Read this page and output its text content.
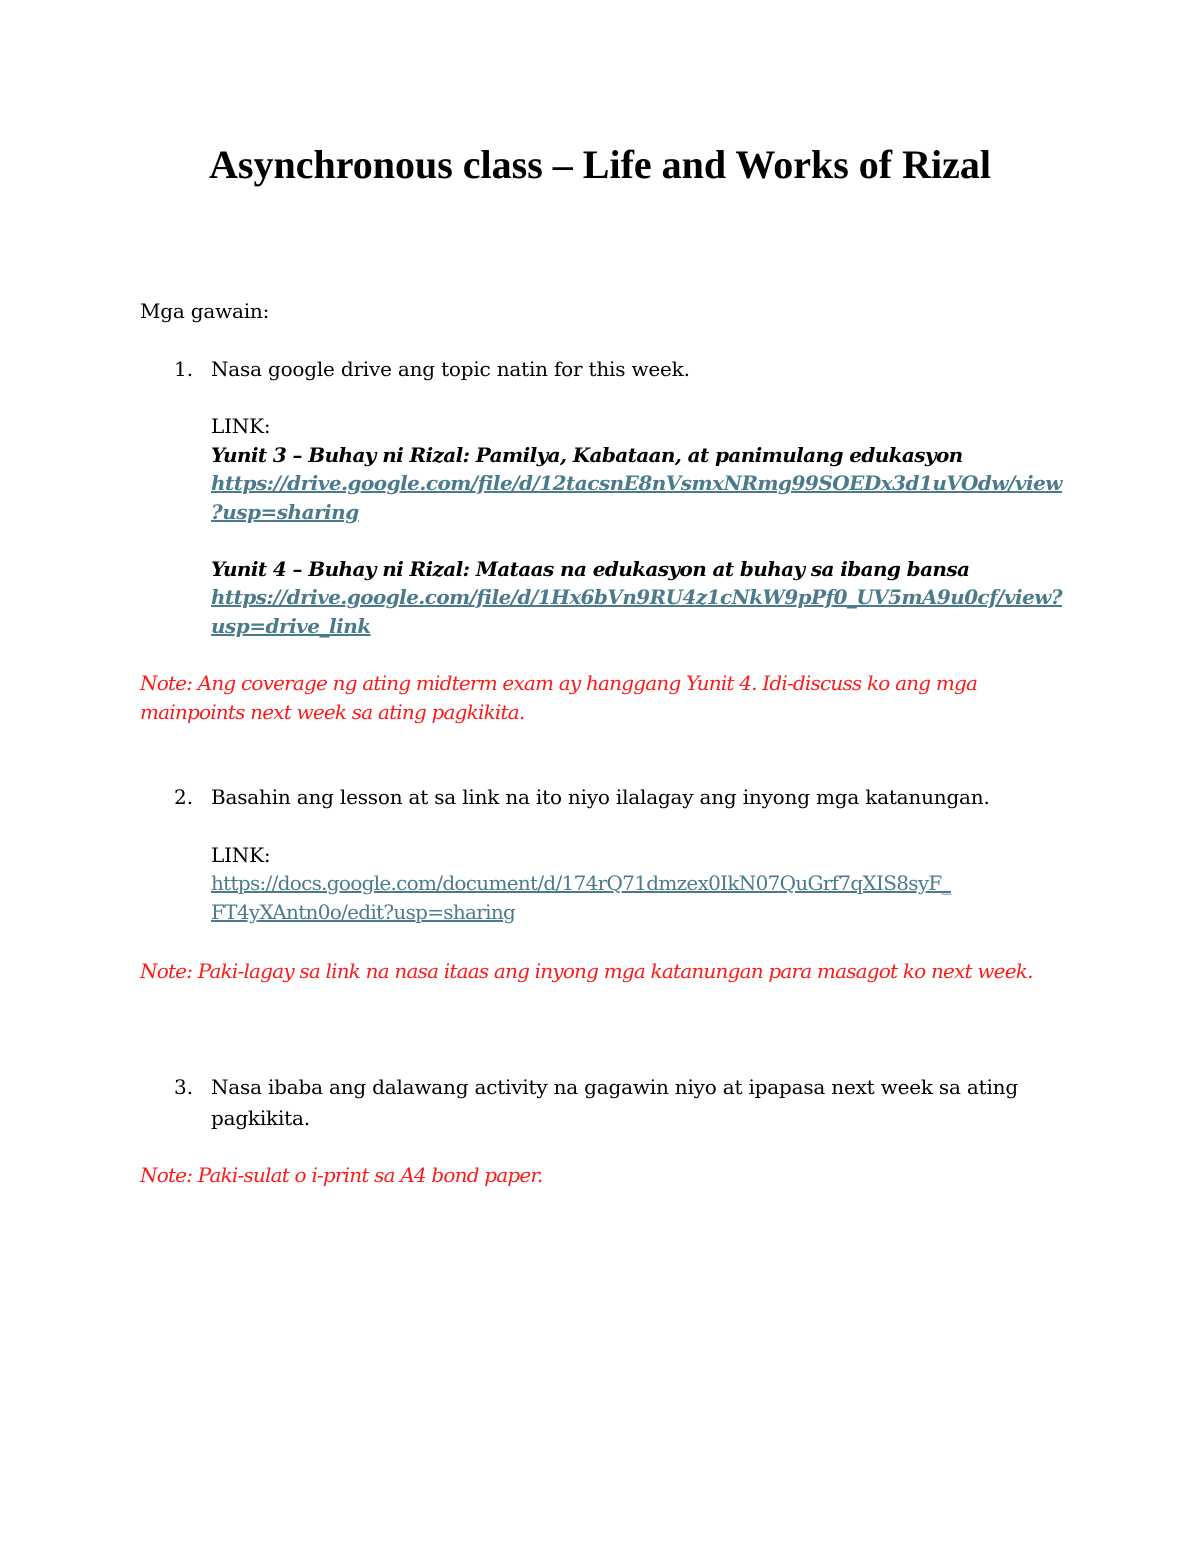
Asynchronous class – Life and Works of Rizal
Mga gawain:
1. Nasa google drive ang topic natin for this week.
LINK:
Yunit 3 – Buhay ni Rizal: Pamilya, Kabataan, at panimulang edukasyon
https://drive.google.com/file/d/12tacsnE8nVsmxNRmg99SOEDx3d1uVOdw/view
?usp=sharing
Yunit 4 – Buhay ni Rizal: Mataas na edukasyon at buhay sa ibang bansa
https://drive.google.com/file/d/1Hx6bVn9RU4z1cNkW9pPf0_UV5mA9u0cf/view?
usp=drive_link
Note: Ang coverage ng ating midterm exam ay hanggang Yunit 4. Idi-discuss ko ang mga
mainpoints next week sa ating pagkikita.
2. Basahin ang lesson at sa link na ito niyo ilalagay ang inyong mga katanungan.
LINK:
https://docs.google.com/document/d/174rQ71dmzex0IkN07QuGrf7qXIS8syF_
FT4yXAntn0o/edit?usp=sharing
Note: Paki-lagay sa link na nasa itaas ang inyong mga katanungan para masagot ko next week.
3. Nasa ibaba ang dalawang activity na gagawin niyo at ipapasa next week sa ating
pagkikita.
Note: Paki-sulat o i-print sa A4 bond paper.
